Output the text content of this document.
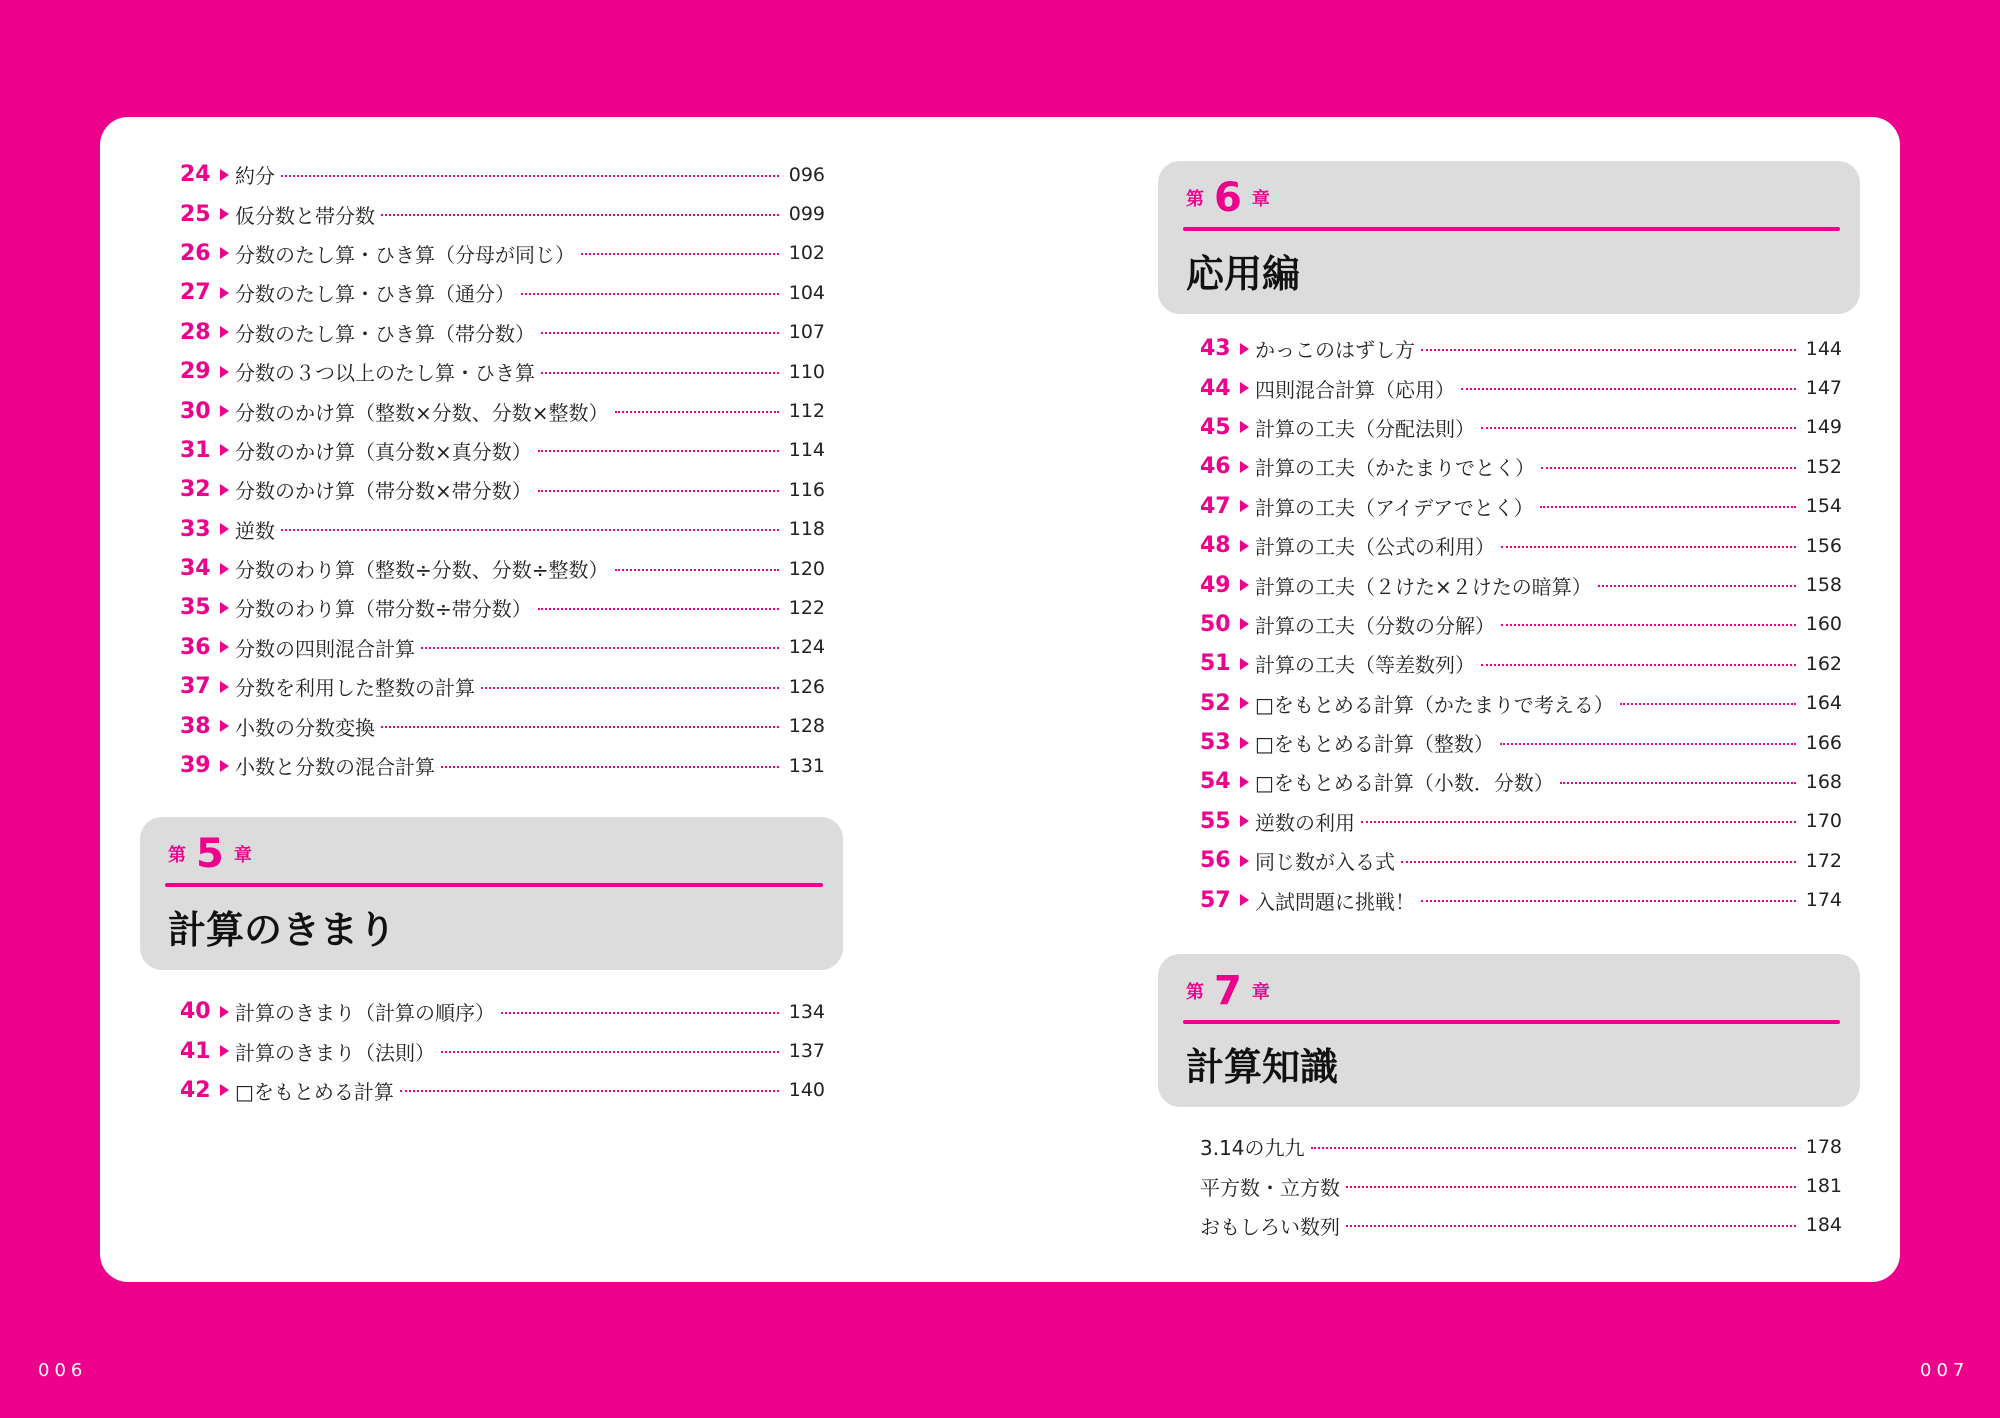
24 約分	096
25 仮分数と帯分数	099
26 分数のたし算・ひき算（分母が同じ）	102
27 分数のたし算・ひき算（通分）	104
28 分数のたし算・ひき算（帯分数）	107
29 分数の３つ以上のたし算・ひき算	110
30 分数のかけ算（整数×分数、分数×整数）	112
31 分数のかけ算（真分数×真分数）	114
32 分数のかけ算（帯分数×帯分数）	116
33 逆数	118
34 分数のわり算（整数÷分数、分数÷整数）	120
35 分数のわり算（帯分数÷帯分数）	122
36 分数の四則混合計算	124
37 分数を利用した整数の計算	126
38 小数の分数変換	128
39 小数と分数の混合計算	131
第 5 章
計算のきまり
40 計算のきまり（計算の順序）	134
41 計算のきまり（法則）	137
42 □をもとめる計算	140
第 6 章
応用編
43 かっこのはずし方	144
44 四則混合計算（応用）	147
45 計算の工夫（分配法則）	149
46 計算の工夫（かたまりでとく）	152
47 計算の工夫（アイデアでとく）	154
48 計算の工夫（公式の利用）	156
49 計算の工夫（２けた×２けたの暗算）	158
50 計算の工夫（分数の分解）	160
51 計算の工夫（等差数列）	162
52 □をもとめる計算（かたまりで考える）	164
53 □をもとめる計算（整数）	166
54 □をもとめる計算（小数．分数）	168
55 逆数の利用	170
56 同じ数が入る式	172
57 入試問題に挑戦！	174
第 7 章
計算知識
3.14の九九	178
平方数・立方数	181
おもしろい数列	184
006	007
